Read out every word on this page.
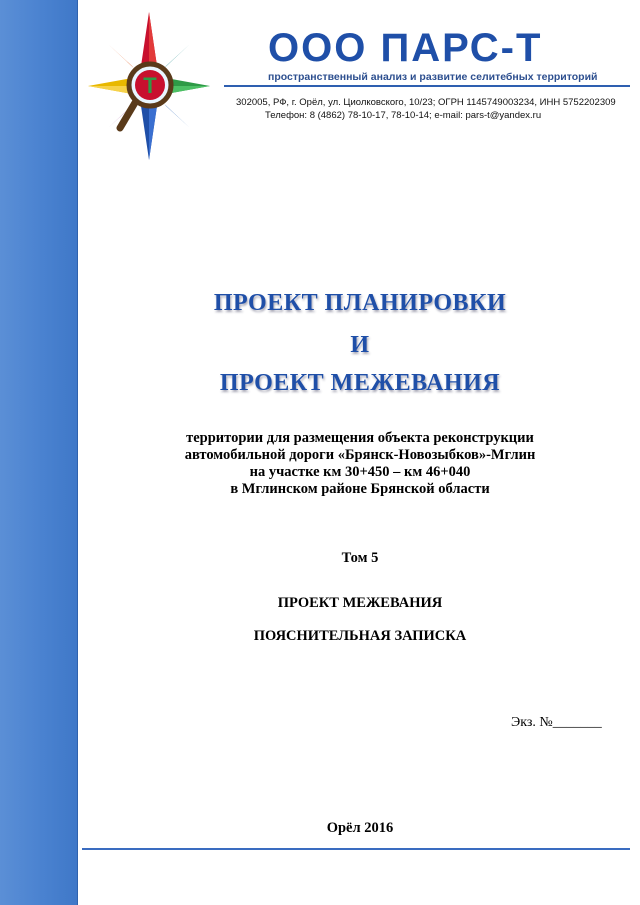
Т
ООО ПАРС-Т
пространственный анализ и развитие селитебных территорий
302005, РФ, г. Орёл, ул. Циолковского, 10/23; ОГРН 1145749003234, ИНН 5752202309
Телефон: 8 (4862) 78-10-17, 78-10-14; e-mail: pars-t@yandex.ru
ПРОЕКТ ПЛАНИРОВКИ
И
ПРОЕКТ МЕЖЕВАНИЯ
территории для размещения объекта реконструкции
автомобильной дороги «Брянск-Новозыбков»-Мглин
на участке км 30+450 – км 46+040
в Мглинском районе Брянской области
Том 5
ПРОЕКТ МЕЖЕВАНИЯ
ПОЯСНИТЕЛЬНАЯ ЗАПИСКА
Экз. №_______
Орёл 2016
